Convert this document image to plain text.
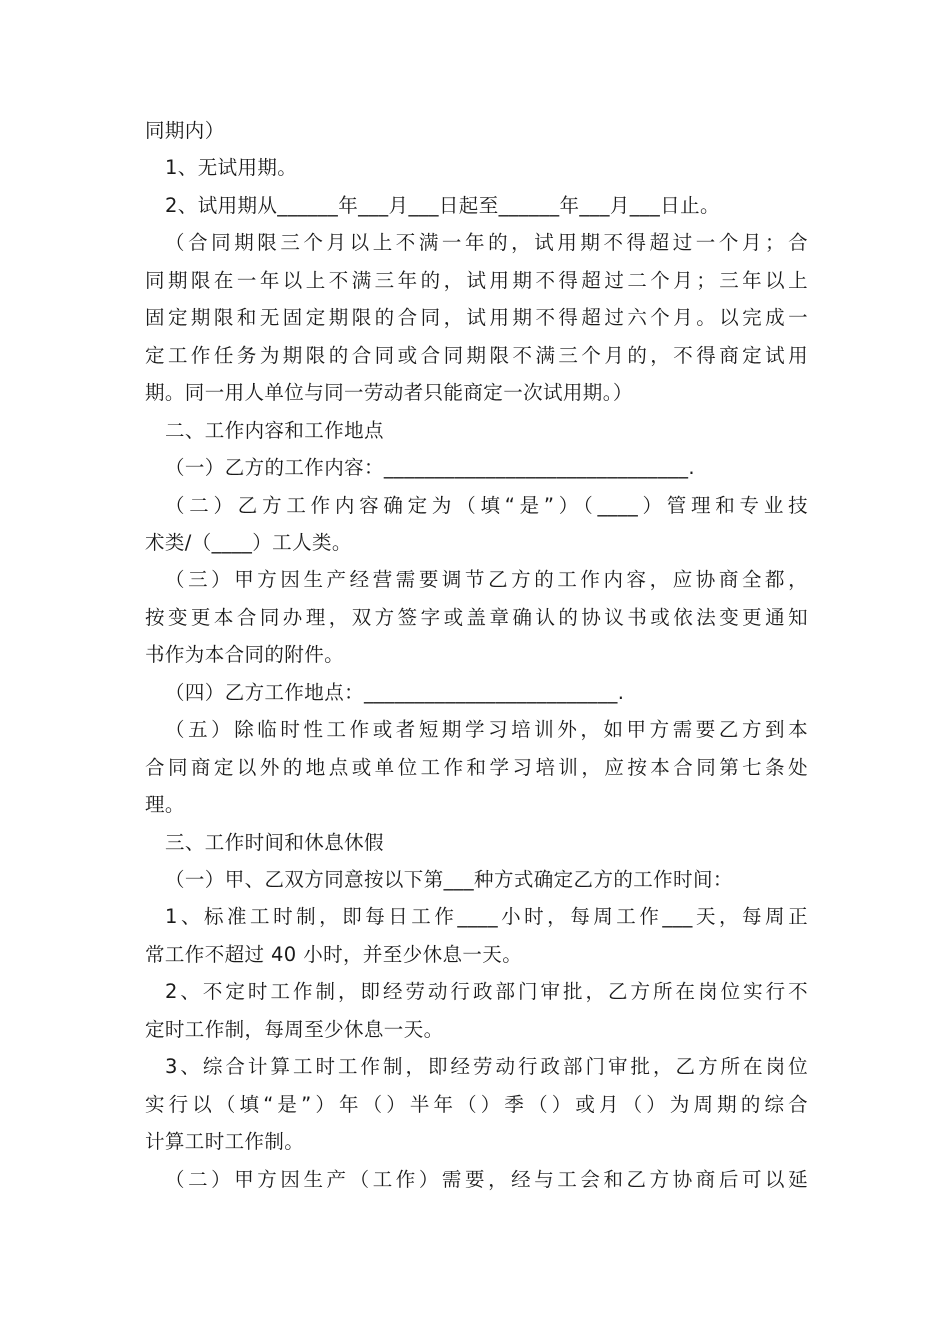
同期内）
1、无试用期。
2、试用期从______年___月___日起至______年___月___日止。
（合同期限三个月以上不满一年的，试用期不得超过一个月；合
同期限在一年以上不满三年的，试用期不得超过二个月；三年以上
固定期限和无固定期限的合同，试用期不得超过六个月。以完成一
定工作任务为期限的合同或合同期限不满三个月的，不得商定试用
期。同一用人单位与同一劳动者只能商定一次试用期。）
二、工作内容和工作地点
（一）乙方的工作内容：______________________________.
（二）乙方工作内容确定为（填“是”）（____）管理和专业技
术类/（____）工人类。
（三）甲方因生产经营需要调节乙方的工作内容，应协商全都，
按变更本合同办理，双方签字或盖章确认的协议书或依法变更通知
书作为本合同的附件。
（四）乙方工作地点：_________________________.
（五）除临时性工作或者短期学习培训外，如甲方需要乙方到本
合同商定以外的地点或单位工作和学习培训，应按本合同第七条处
理。
三、工作时间和休息休假
（一）甲、乙双方同意按以下第___种方式确定乙方的工作时间：
1、标准工时制，即每日工作____小时，每周工作___天，每周正
常工作不超过 40 小时，并至少休息一天。
2、不定时工作制，即经劳动行政部门审批，乙方所在岗位实行不
定时工作制，每周至少休息一天。
3、综合计算工时工作制，即经劳动行政部门审批，乙方所在岗位
实行以（填“是”）年（）半年（）季（）或月（）为周期的综合
计算工时工作制。
（二）甲方因生产（工作）需要，经与工会和乙方协商后可以延
